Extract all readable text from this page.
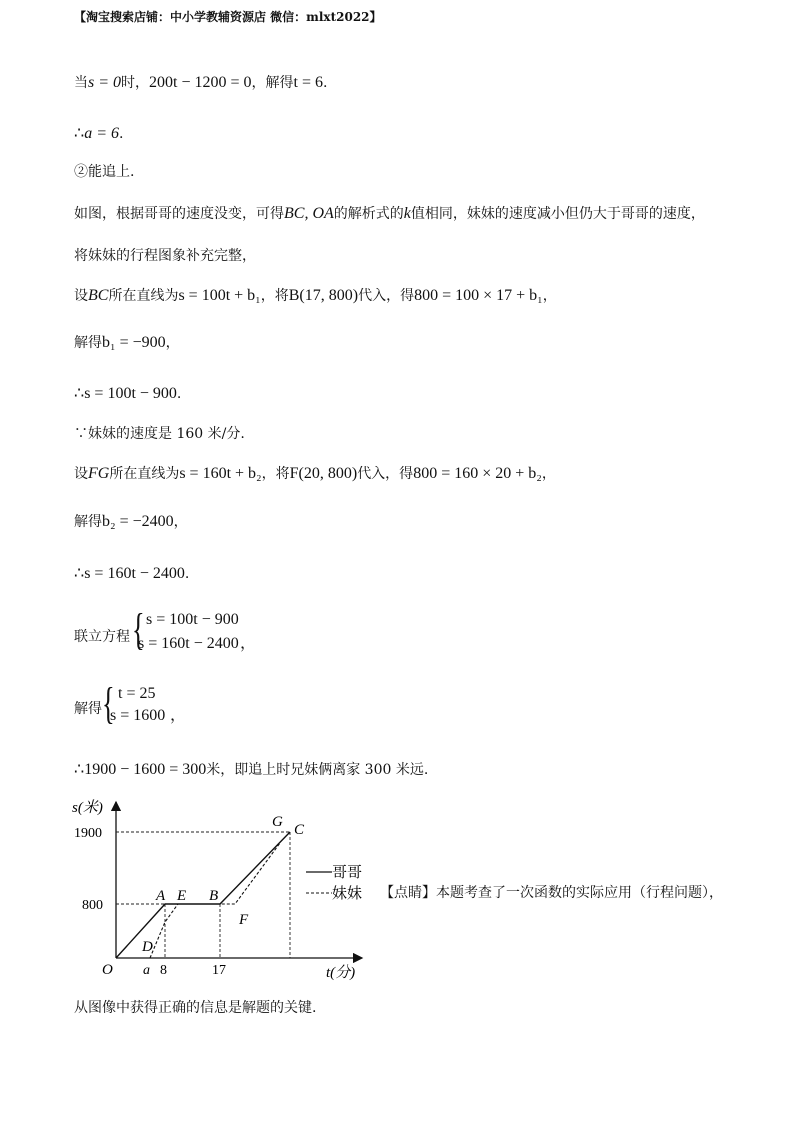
【淘宝搜索店铺：中小学教辅资源店 微信：mlxt2022】
当s = 0时，200t − 1200 = 0，解得t = 6.
∴a = 6.
②能追上.
如图，根据哥哥的速度没变，可得BC, OA的解析式的k值相同，妹妹的速度减小但仍大于哥哥的速度，
将妹妹的行程图象补充完整，
设BC所在直线为s = 100t + b₁，将B(17, 800)代入，得800 = 100 × 17 + b₁，
解得b₁ = −900，
∴s = 100t − 900.
∵妹妹的速度是 160 米/分.
设FG所在直线为s = 160t + b₂，将F(20, 800)代入，得800 = 160 × 20 + b₂，
解得b₂ = −2400，
∴s = 160t − 2400.
联立方程 { s = 100t − 900
s = 160t − 2400 ，
解得 { t = 25
s = 1600 ，
∴1900 − 1600 = 300米，即追上时兄妹俩离家 300 米远.
s(米)
t(分)
1900
800
O a 8	17
A E B
C
G
D
F
哥哥
妹妹 【点睛】本题考查了一次函数的实际应用（行程问题），
从图像中获得正确的信息是解题的关键.
